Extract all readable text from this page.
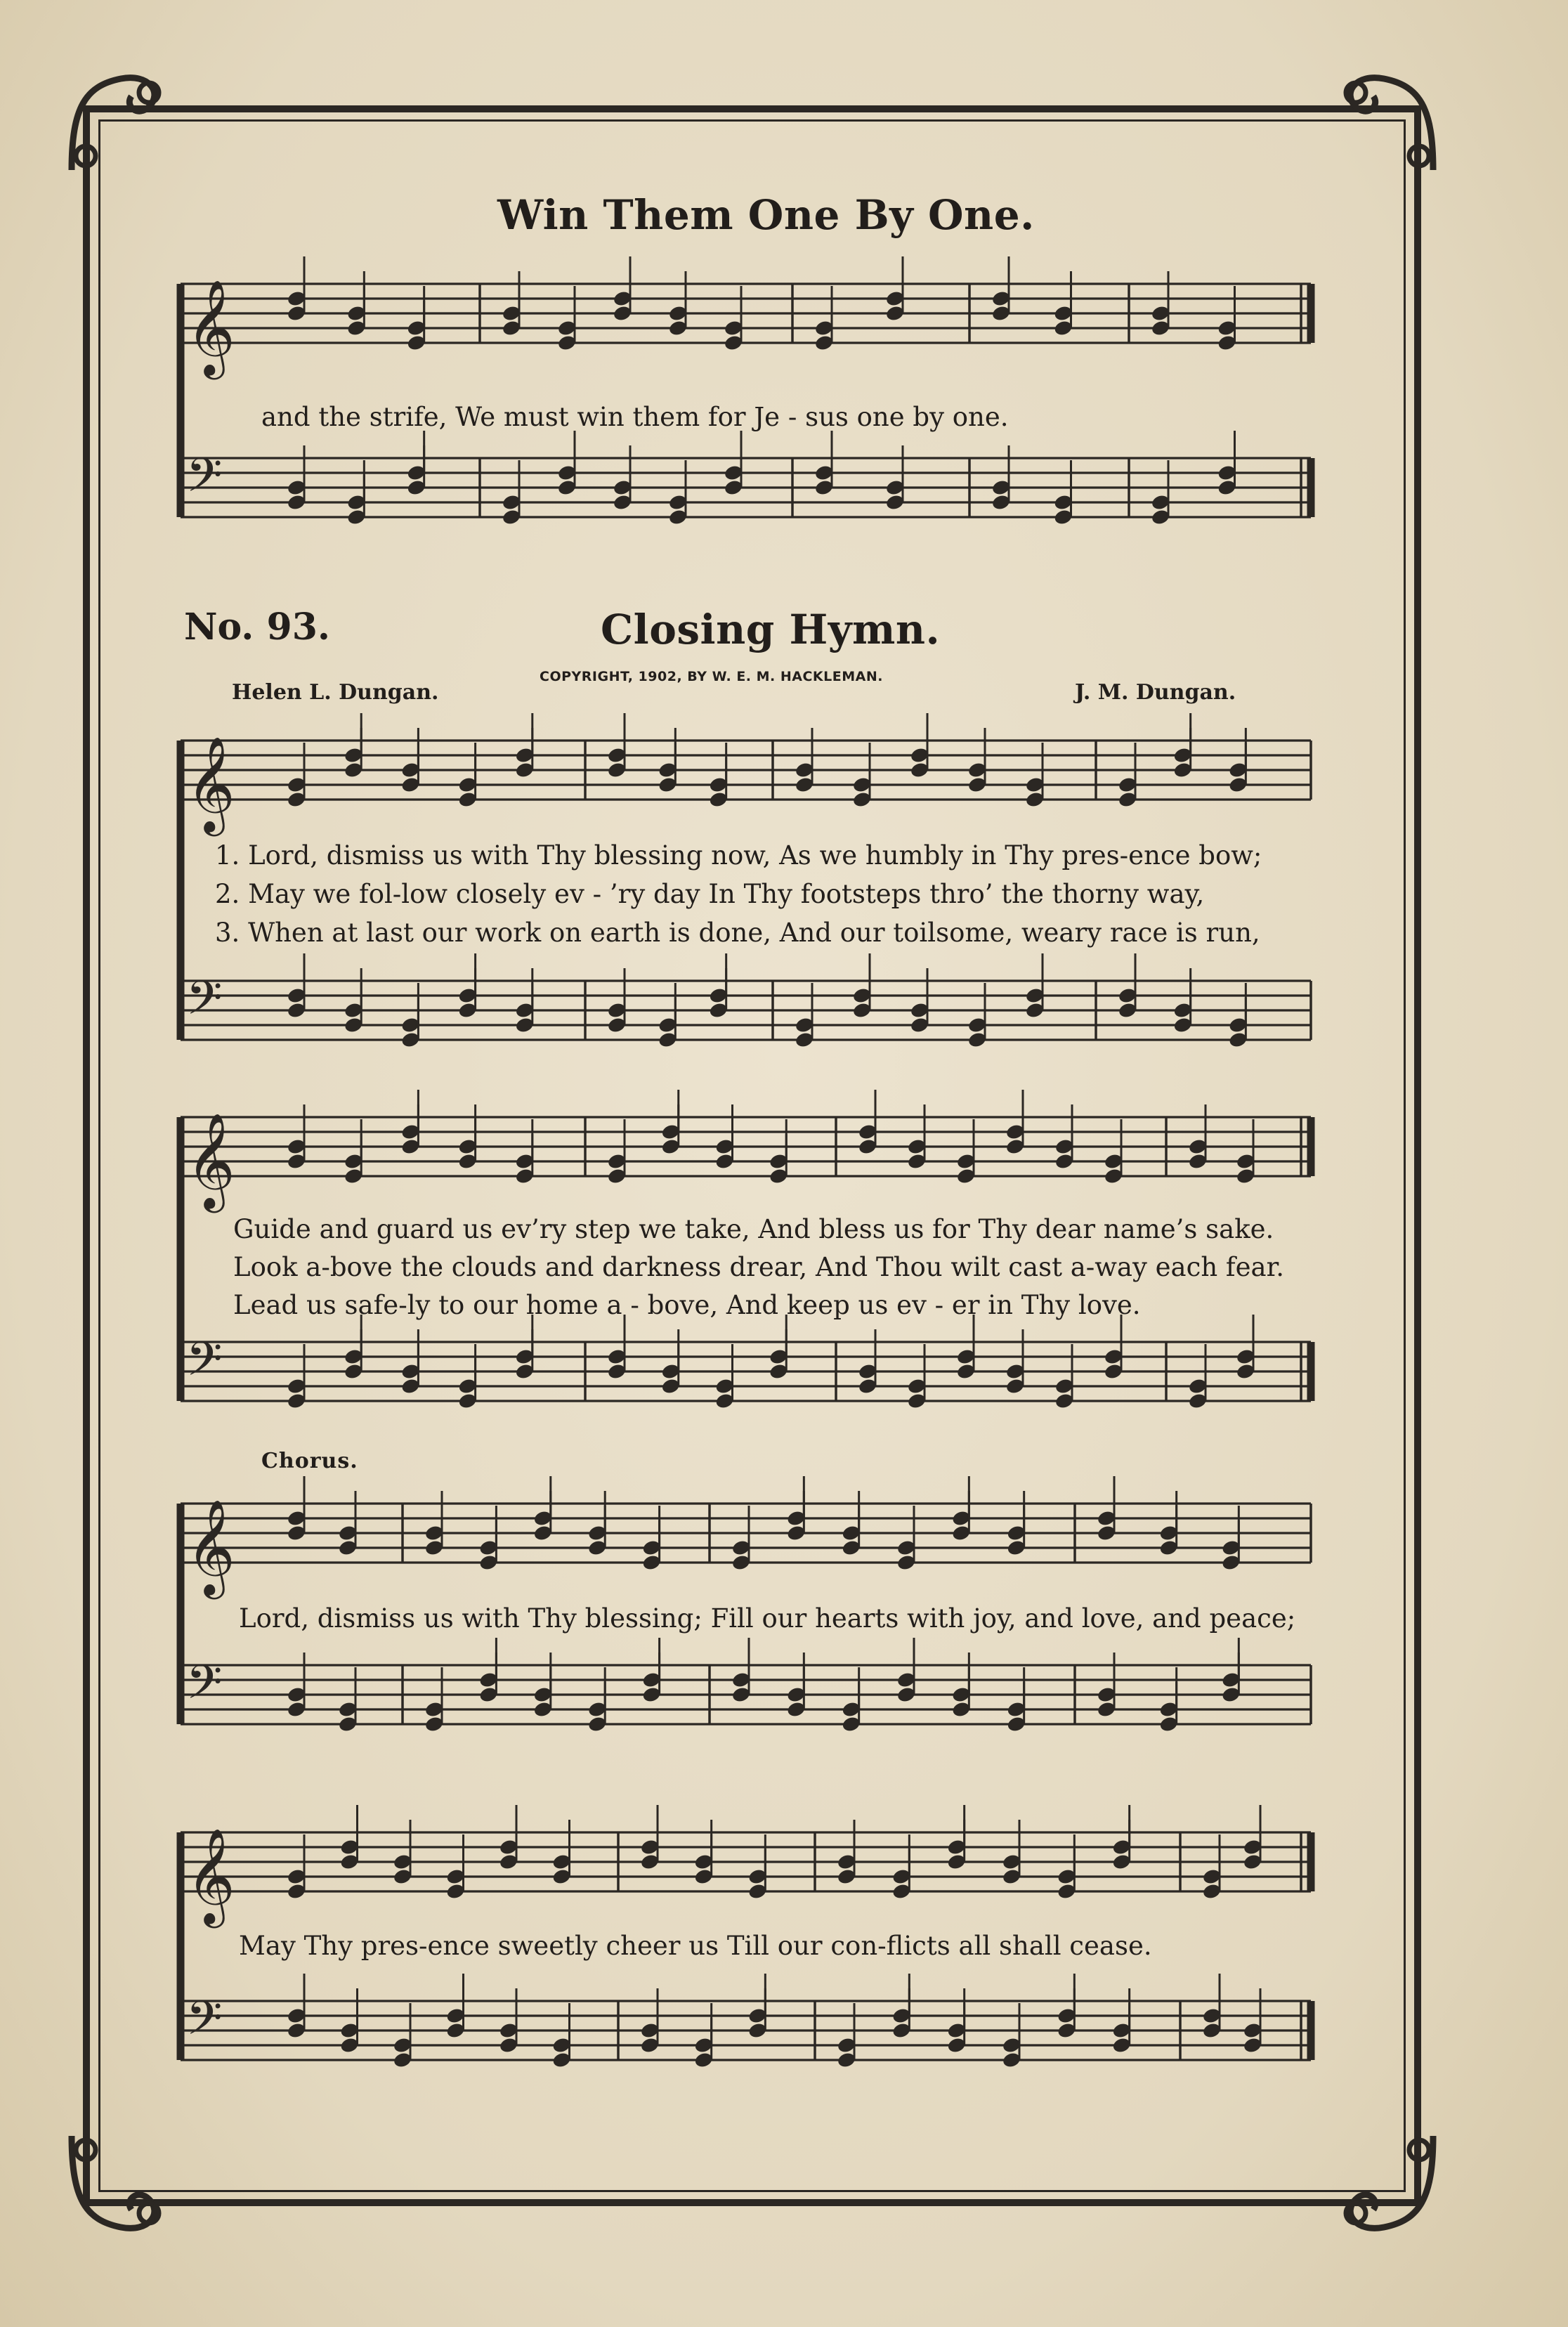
𝄞
𝄢
𝄞
𝄢
𝄞
𝄢
𝄞
𝄢
𝄞
𝄢
Win Them One By One.
and the strife, We must win them for Je - sus one by one.
No. 93.	Closing Hymn.
COPYRIGHT, 1902, BY W. E. M. HACKLEMAN.
Helen L. Dungan.	J. M. Dungan.
1. Lord, dismiss us with Thy blessing now, As we humbly in Thy pres-ence bow;
2. May we fol-low closely ev - ’ry day In Thy footsteps thro’ the thorny way,
3. When at last our work on earth is done, And our toilsome, weary race is run,
Guide and guard us ev’ry step we take, And bless us for Thy dear name’s sake.
Look a-bove the clouds and darkness drear, And Thou wilt cast a-way each fear.
Lead us safe-ly to our home a - bove, And keep us ev - er in Thy love.
Chorus.
Lord, dismiss us with Thy blessing; Fill our hearts with joy, and love, and peace;
May Thy pres-ence sweetly cheer us Till our con-flicts all shall cease.
